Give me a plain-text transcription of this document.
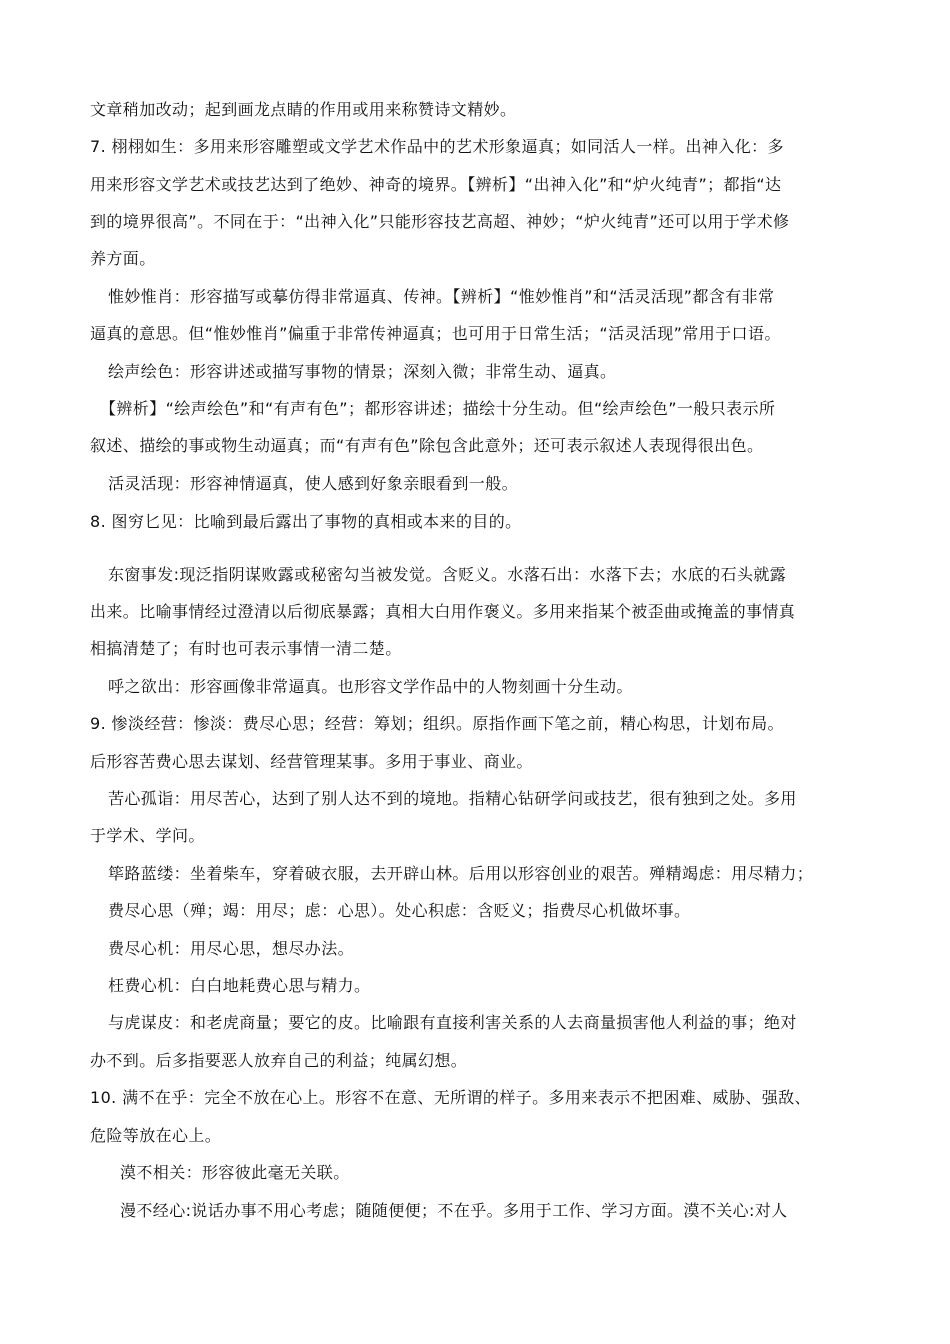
文章稍加改动；起到画龙点睛的作用或用来称赞诗文精妙。
7. 栩栩如生：多用来形容雕塑或文学艺术作品中的艺术形象逼真；如同活人一样。出神入化：多
用来形容文学艺术或技艺达到了绝妙、神奇的境界。【辨析】“出神入化”和“炉火纯青”；都指“达
到的境界很高”。不同在于：“出神入化”只能形容技艺高超、神妙；“炉火纯青”还可以用于学术修
养方面。
惟妙惟肖：形容描写或摹仿得非常逼真、传神。【辨析】“惟妙惟肖”和“活灵活现”都含有非常
逼真的意思。但“惟妙惟肖”偏重于非常传神逼真；也可用于日常生活；“活灵活现”常用于口语。
绘声绘色：形容讲述或描写事物的情景；深刻入微；非常生动、逼真。
【辨析】“绘声绘色”和“有声有色”；都形容讲述；描绘十分生动。但“绘声绘色”一般只表示所
叙述、描绘的事或物生动逼真；而“有声有色”除包含此意外；还可表示叙述人表现得很出色。
活灵活现：形容神情逼真，使人感到好象亲眼看到一般。
8. 图穷匕见：比喻到最后露出了事物的真相或本来的目的。
东窗事发:现泛指阴谋败露或秘密勾当被发觉。含贬义。水落石出：水落下去；水底的石头就露
出来。比喻事情经过澄清以后彻底暴露；真相大白用作褒义。多用来指某个被歪曲或掩盖的事情真
相搞清楚了；有时也可表示事情一清二楚。
呼之欲出：形容画像非常逼真。也形容文学作品中的人物刻画十分生动。
9. 惨淡经营：惨淡：费尽心思；经营：筹划；组织。原指作画下笔之前，精心构思，计划布局。
后形容苦费心思去谋划、经营管理某事。多用于事业、商业。
苦心孤诣：用尽苦心，达到了别人达不到的境地。指精心钻研学问或技艺，很有独到之处。多用
于学术、学问。
筚路蓝缕：坐着柴车，穿着破衣服，去开辟山林。后用以形容创业的艰苦。殚精竭虑：用尽精力；
费尽心思（殚；竭：用尽；虑：心思）。处心积虑：含贬义；指费尽心机做坏事。
费尽心机：用尽心思，想尽办法。
枉费心机：白白地耗费心思与精力。
与虎谋皮：和老虎商量；要它的皮。比喻跟有直接利害关系的人去商量损害他人利益的事；绝对
办不到。后多指要恶人放弃自己的利益；纯属幻想。
10. 满不在乎：完全不放在心上。形容不在意、无所谓的样子。多用来表示不把困难、威胁、强敌、
危险等放在心上。
漠不相关：形容彼此毫无关联。
漫不经心:说话办事不用心考虑；随随便便；不在乎。多用于工作、学习方面。漠不关心:对人
